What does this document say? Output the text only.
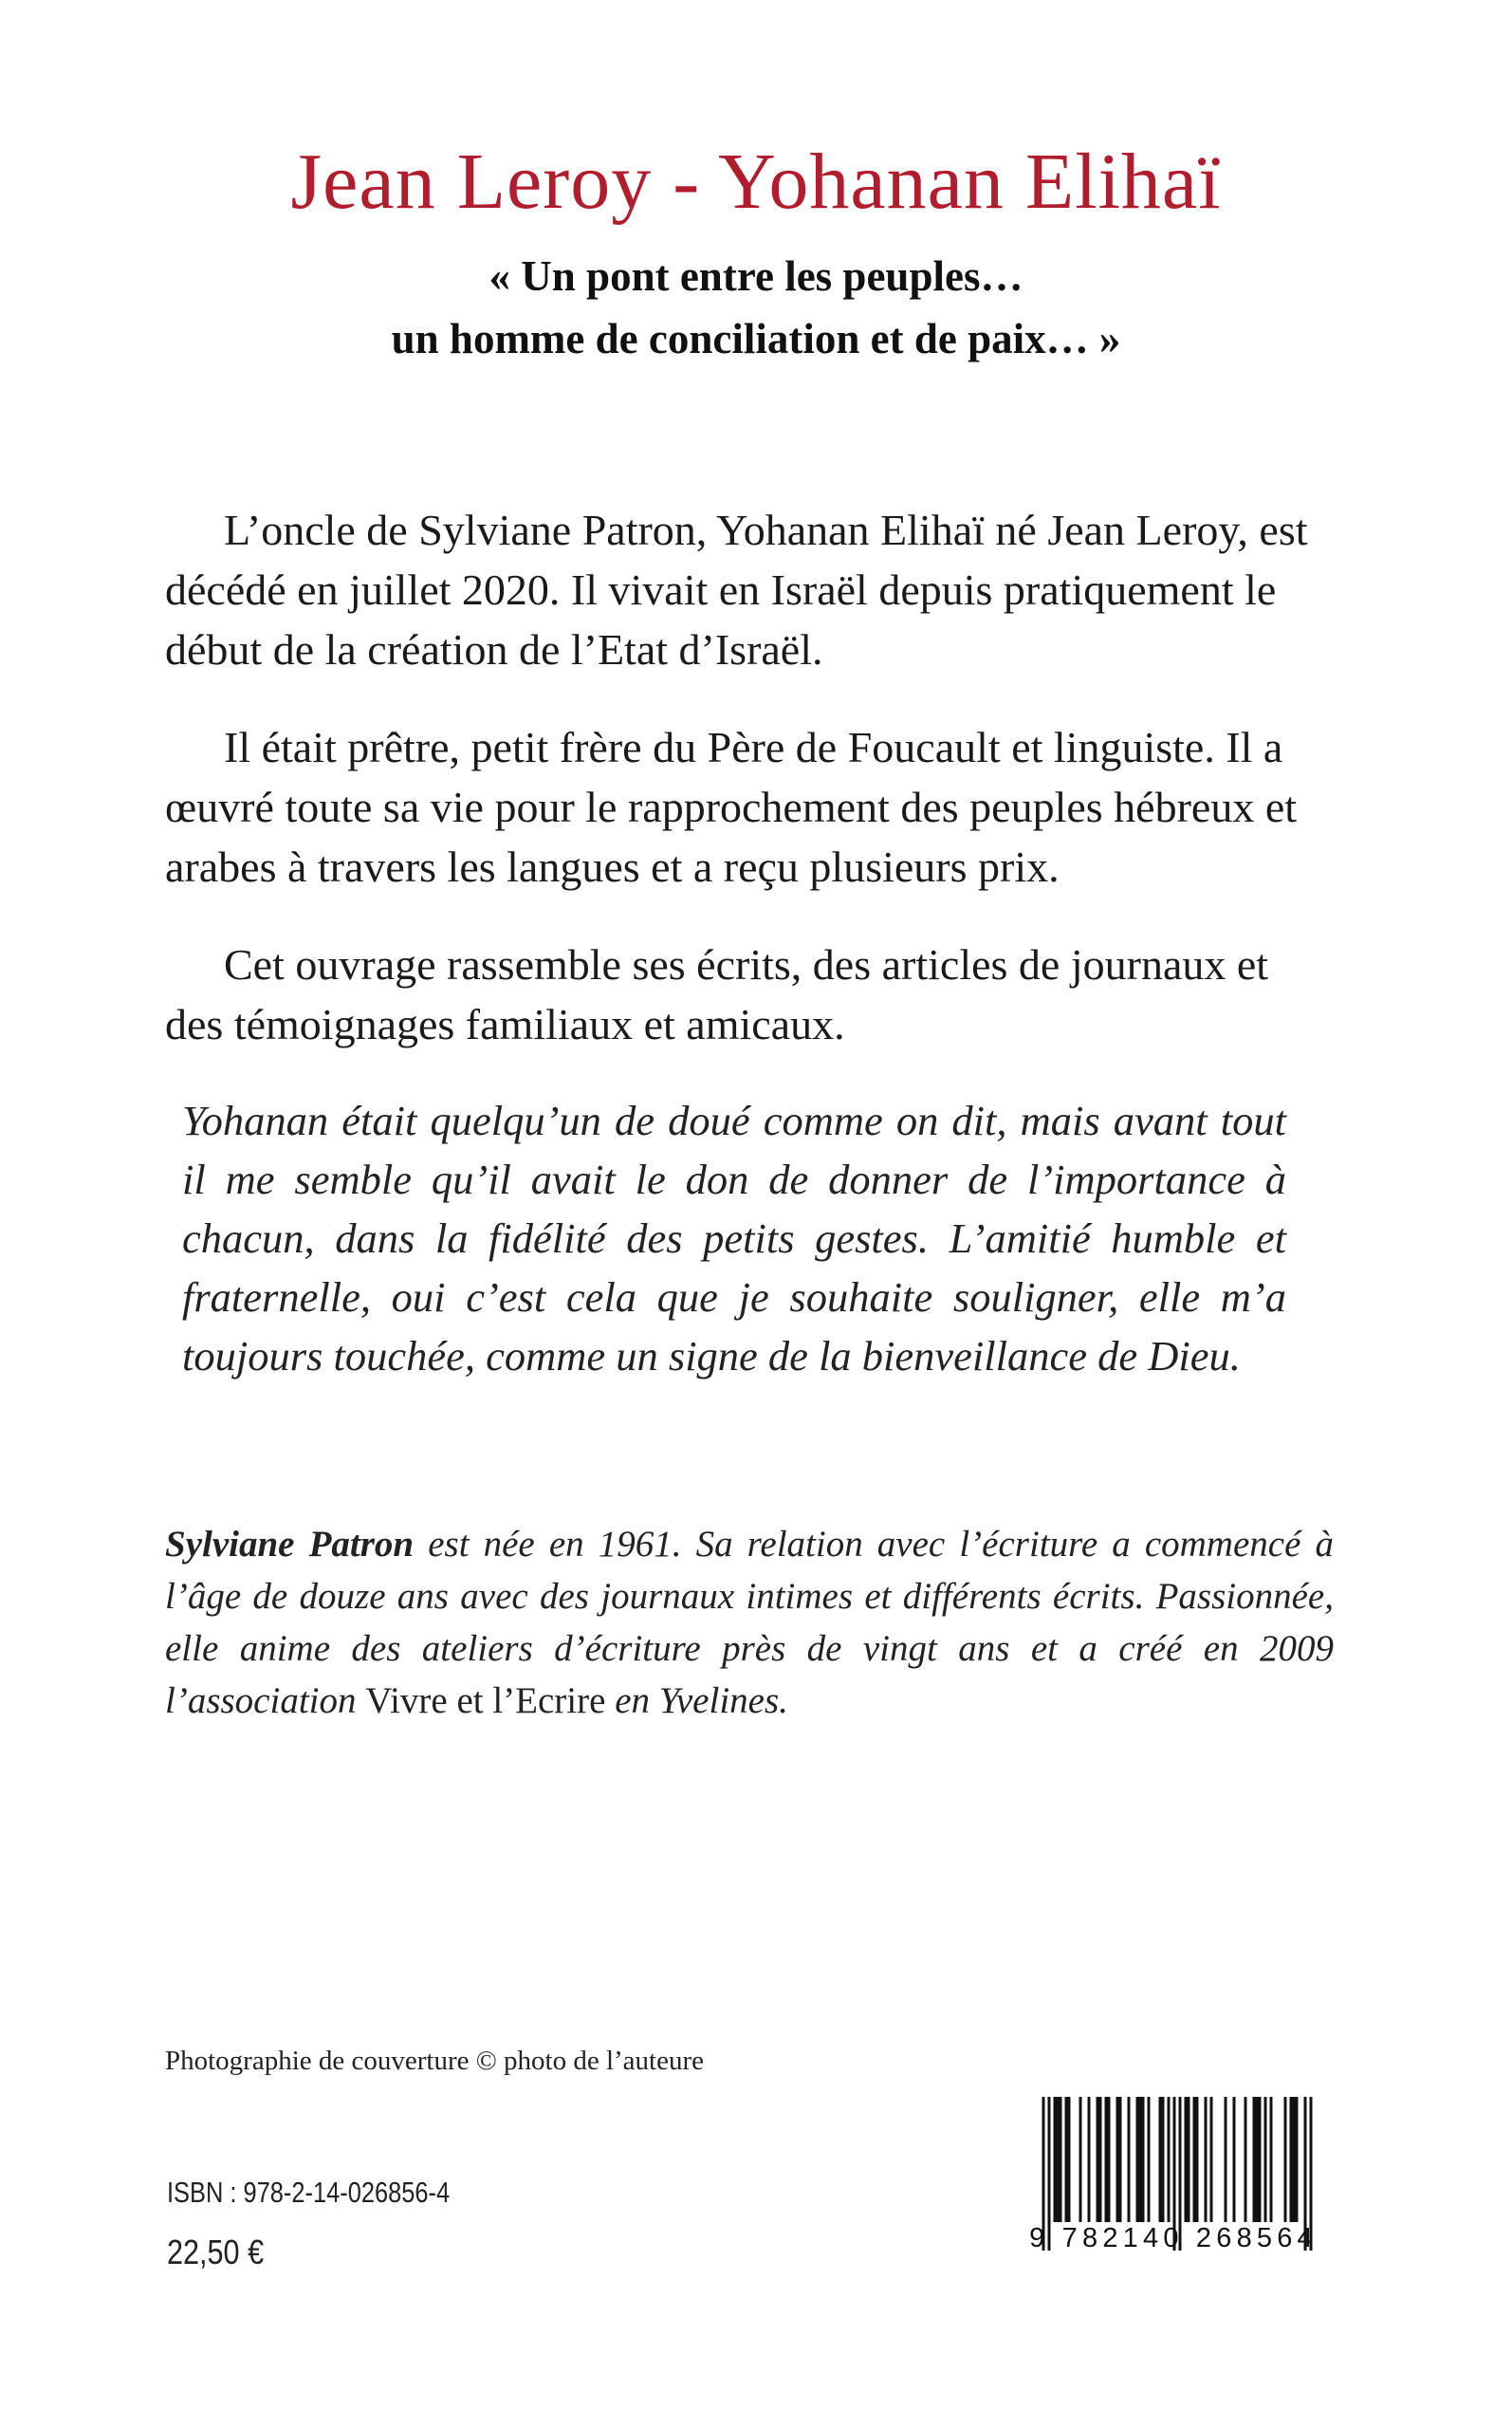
Jean Leroy - Yohanan Elihaï
« Un pont entre les peuples…
un homme de conciliation et de paix… »

L’oncle de Sylviane Patron, Yohanan Elihaï né Jean Leroy, est décédé en juillet 2020. Il vivait en Israël depuis pratiquement le début de la création de l’Etat d’Israël.

Il était prêtre, petit frère du Père de Foucault et linguiste. Il a œuvré toute sa vie pour le rapprochement des peuples hébreux et arabes à travers les langues et a reçu plusieurs prix.

Cet ouvrage rassemble ses écrits, des articles de journaux et des témoignages familiaux et amicaux.

Yohanan était quelqu’un de doué comme on dit, mais avant tout il me semble qu’il avait le don de donner de l’importance à chacun, dans la fidélité des petits gestes. L’amitié humble et fraternelle, oui c’est cela que je souhaite souligner, elle m’a toujours touchée, comme un signe de la bienveillance de Dieu.
Sylviane Patron est née en 1961. Sa relation avec l’écriture a commencé à l’âge de douze ans avec des journaux intimes et différents écrits. Passionnée, elle anime des ateliers d’écriture près de vingt ans et a créé en 2009 l’association Vivre et l’Ecrire en Yvelines.
Photographie de couverture © photo de l’auteure
ISBN : 978-2-14-026856-4
22,50 €	9 782140 268564
